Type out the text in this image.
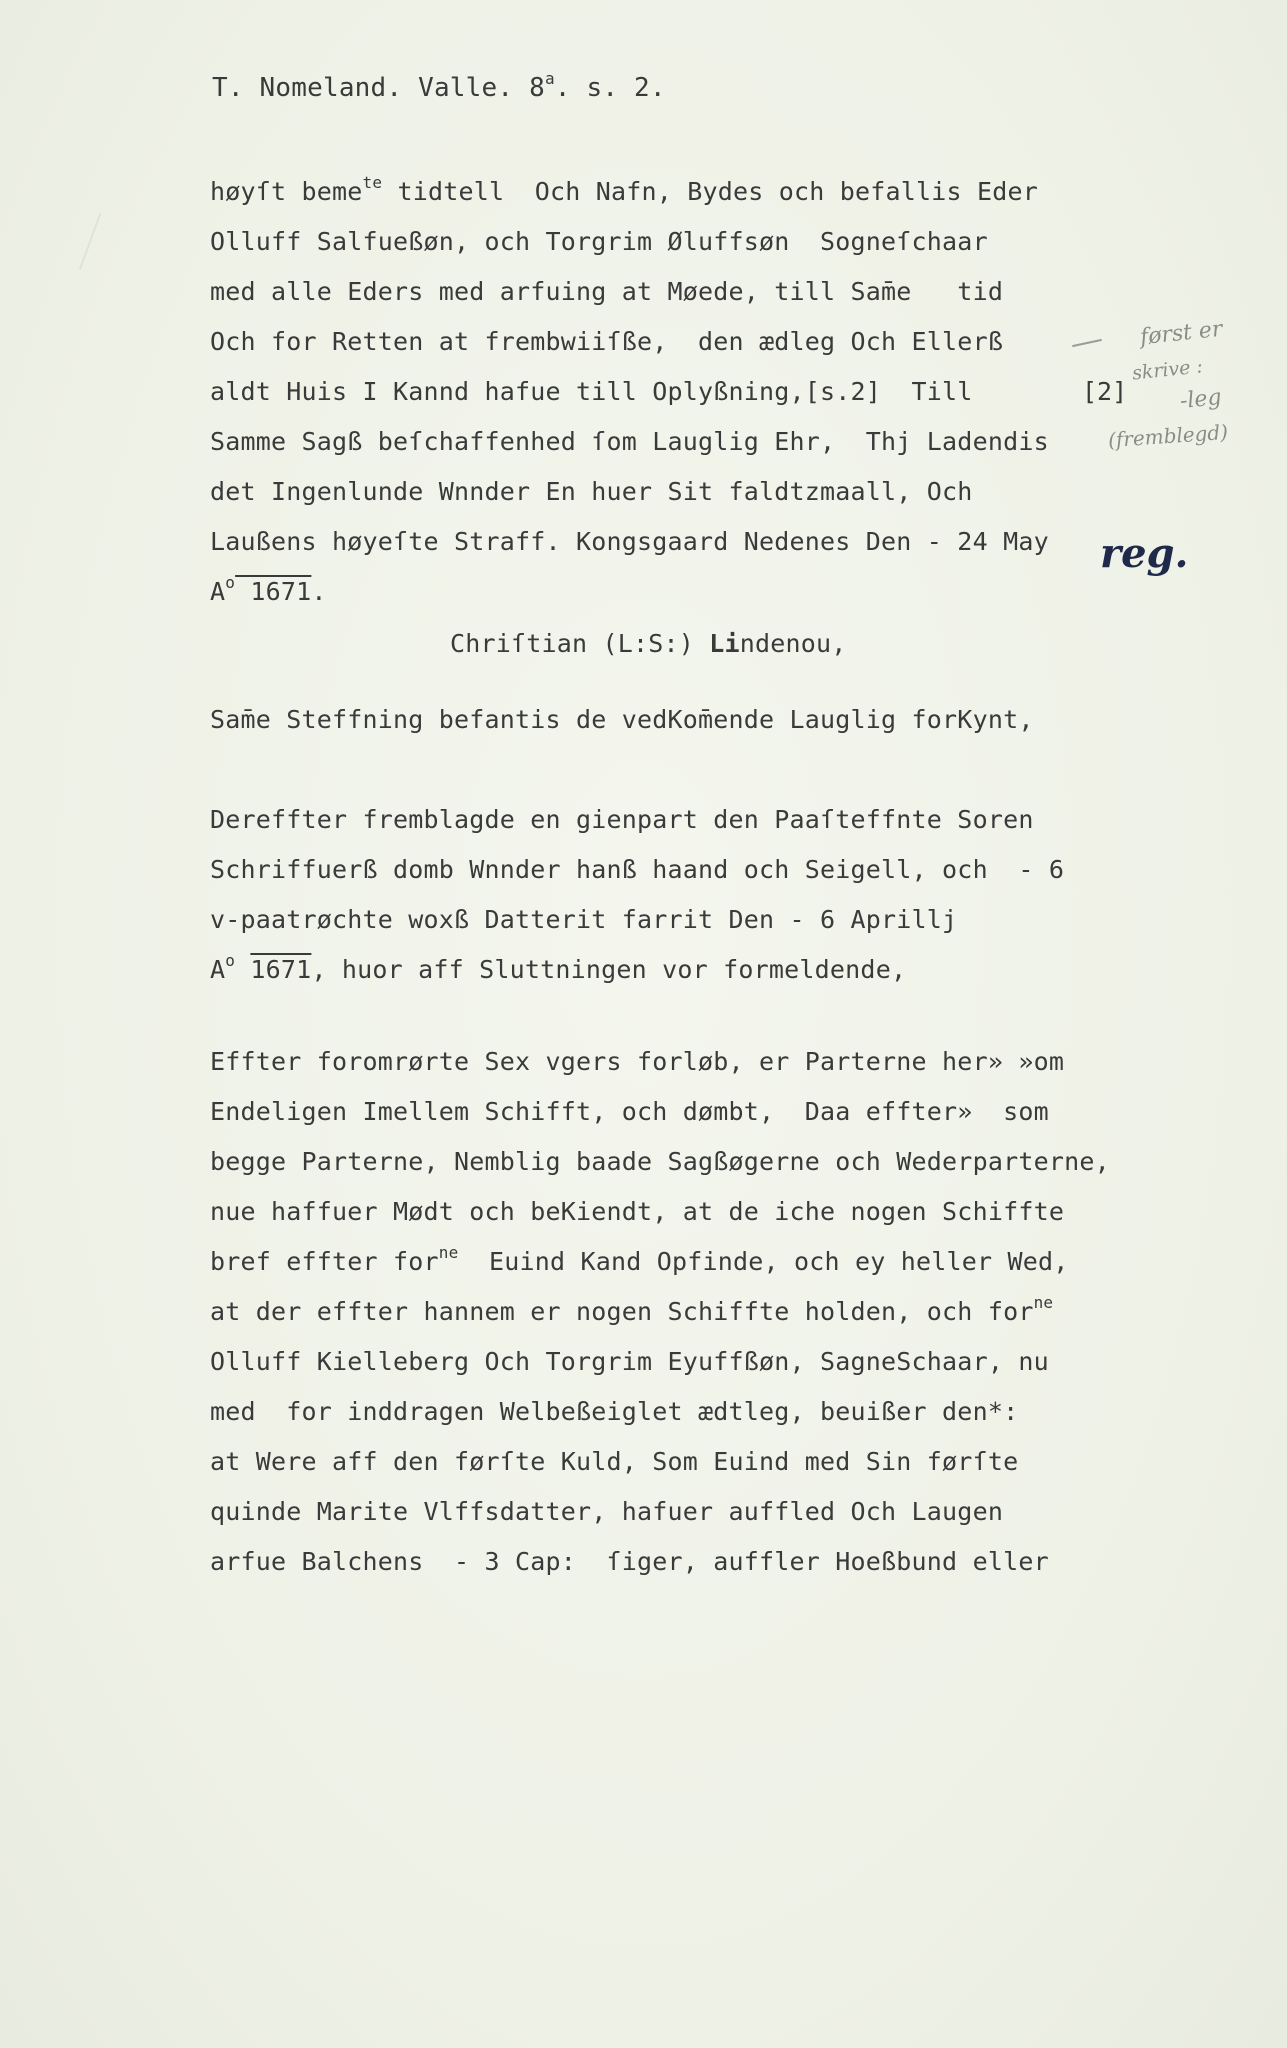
T. Nomeland. Valle. 8$^a$. s. 2.
høyſt beme$^{te}$ tidtell  Och Nafn, Bydes och befallis Eder
Olluff Salfueßøn, och Torgrim Øluffsøn  Sogneſchaar
med alle Eders med arfuing at Møede, till Sam̄e   tid
Och for Retten at frembwiiſße,  den ædleg Och Ellerß
aldt Huis I Kannd hafue till Oplyßning,[s.2]  Till
Samme Sagß beſchaffenhed ſom Lauglig Ehr,  Thj Ladendis
det Ingenlunde Wnnder En huer Sit faldtzmaall, Och
Laußens høyeſte Straff. Kongsgaard Nedenes Den - 24 May
$A^o$ 1671.
Chriſtian (L:S:) Lindenou,
Sam̄e Steffning befantis de vedKom̄ende Lauglig forKynt,
Dereffter fremblagde en gienpart den Paaſteffnte Soren
Schriffuerß domb Wnnder hanß haand och Seigell, och  - 6
v-paatrøchte woxß Datterit farrit Den - 6 Aprillj
$A^o$ 1671, huor aff Sluttningen vor formeldende,
Effter foromrørte Sex vgers forløb, er Parterne her» »om
Endeligen Imellem Schifft, och dømbt,  Daa effter»  som
begge Parterne, Nemblig baade Sagßøgerne och Wederparterne,
nue haffuer Mødt och beKiendt, at de iche nogen Schiffte
bref effter for$^{ne}$  Euind Kand Opfinde, och ey heller Wed,
at der effter hannem er nogen Schiffte holden, och for$^{ne}$
Olluff Kielleberg Och Torgrim Eyuffßøn, SagneSchaar, nu
med  for inddragen Welbeßeiglet ædtleg, beuißer den*:
at Were aff den førſte Kuld, Som Euind med Sin førſte
quinde Marite Vlffsdatter, hafuer auffled Och Laugen
arfue Balchens  - 3 Cap:  ſiger, auffler Hoeßbund eller
[2]
først er
skrive :
-leg
(fremblegd)
reg.
